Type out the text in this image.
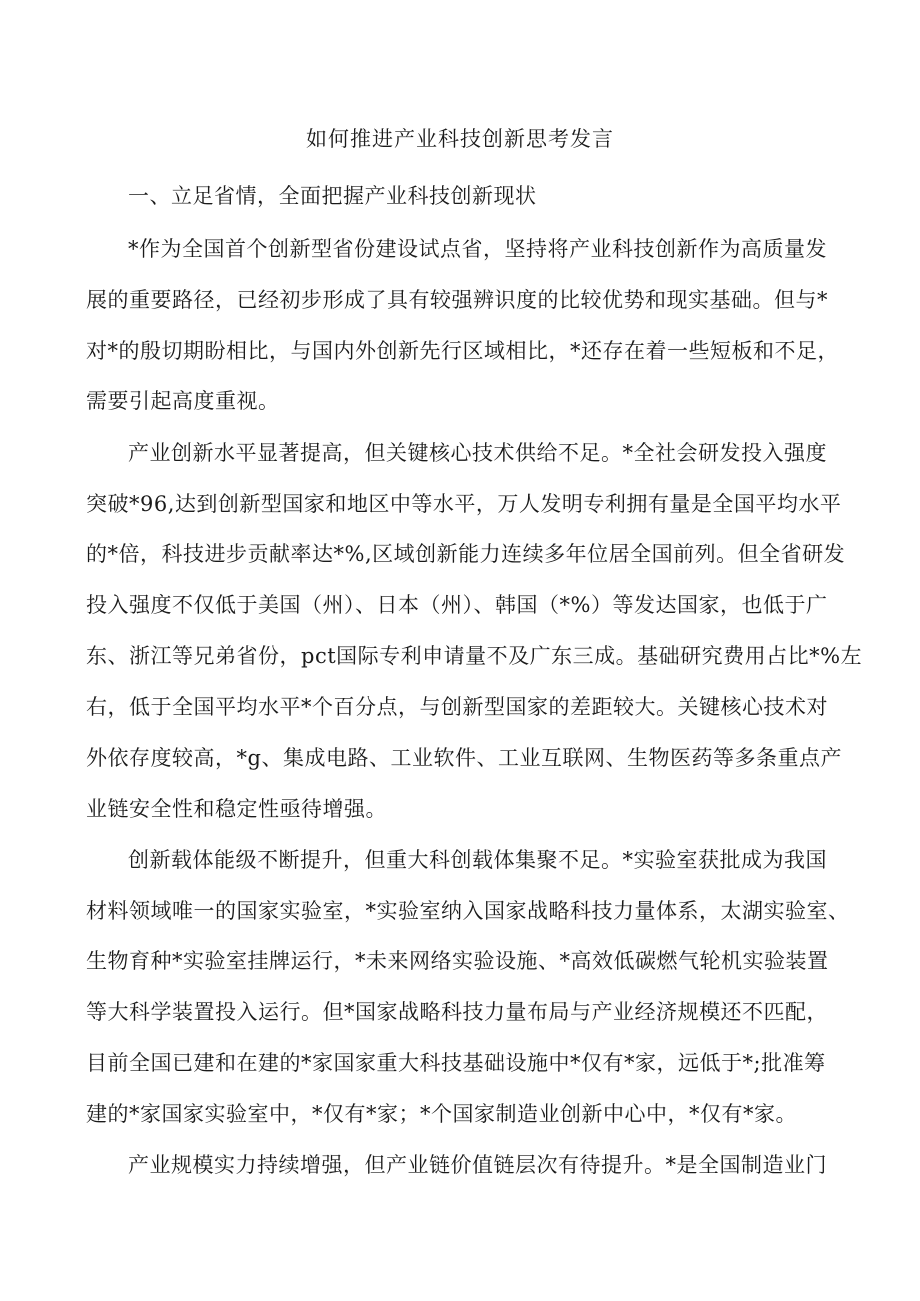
如何推进产业科技创新思考发言
一、立足省情，全面把握产业科技创新现状
*作为全国首个创新型省份建设试点省，坚持将产业科技创新作为高质量发
展的重要路径，已经初步形成了具有较强辨识度的比较优势和现实基础。但与*
对*的殷切期盼相比，与国内外创新先行区域相比，*还存在着一些短板和不足，
需要引起高度重视。
产业创新水平显著提高，但关键核心技术供给不足。*全社会研发投入强度
突破*96,达到创新型国家和地区中等水平，万人发明专利拥有量是全国平均水平
的*倍，科技进步贡献率达*%,区域创新能力连续多年位居全国前列。但全省研发
投入强度不仅低于美国（州）、日本（州）、韩国（*%）等发达国家，也低于广
东、浙江等兄弟省份，pct国际专利申请量不及广东三成。基础研究费用占比*%左
右，低于全国平均水平*个百分点，与创新型国家的差距较大。关键核心技术对
外依存度较高，*g、集成电路、工业软件、工业互联网、生物医药等多条重点产
业链安全性和稳定性亟待增强。
创新载体能级不断提升，但重大科创载体集聚不足。*实验室获批成为我国
材料领域唯一的国家实验室，*实验室纳入国家战略科技力量体系，太湖实验室、
生物育种*实验室挂牌运行，*未来网络实验设施、*高效低碳燃气轮机实验装置
等大科学装置投入运行。但*国家战略科技力量布局与产业经济规模还不匹配，
目前全国已建和在建的*家国家重大科技基础设施中*仅有*家，远低于*;批准筹
建的*家国家实验室中，*仅有*家；*个国家制造业创新中心中，*仅有*家。
产业规模实力持续增强，但产业链价值链层次有待提升。*是全国制造业门
